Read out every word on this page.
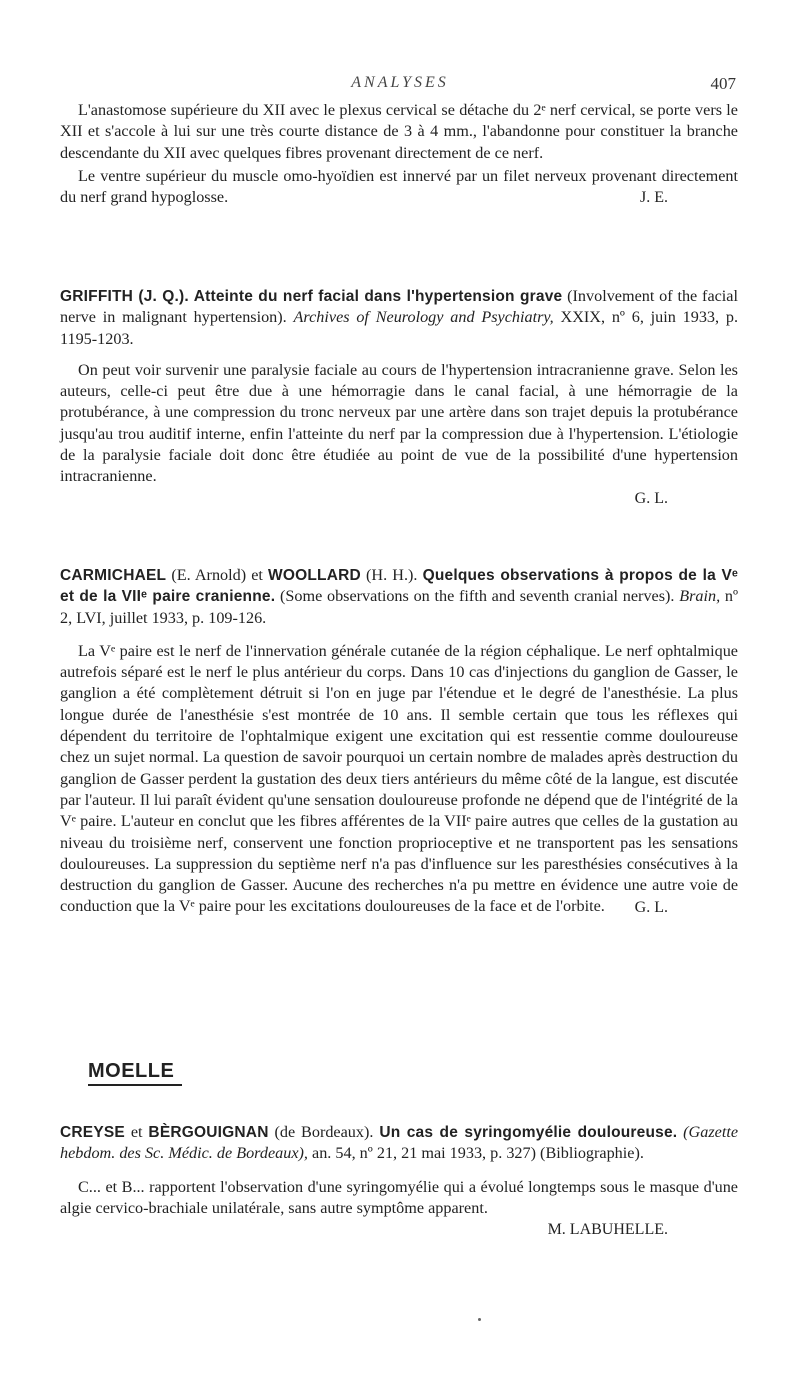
ANALYSES	407

L'anastomose supérieure du XII avec le plexus cervical se détache du 2ᵉ nerf cervical, se porte vers le XII et s'accole à lui sur une très courte distance de 3 à 4 mm., l'abandonne pour constituer la branche descendante du XII avec quelques fibres provenant directement de ce nerf.

Le ventre supérieur du muscle omo-hyoïdien est innervé par un filet nerveux provenant directement du nerf grand hypoglosse.	J. E.

GRIFFITH (J. Q.). Atteinte du nerf facial dans l'hypertension grave (Involvement of the facial nerve in malignant hypertension). Archives of Neurology and Psychiatry, XXIX, nº 6, juin 1933, p. 1195-1203.

On peut voir survenir une paralysie faciale au cours de l'hypertension intracranienne grave. Selon les auteurs, celle-ci peut être due à une hémorragie dans le canal facial, à une hémorragie de la protubérance, à une compression du tronc nerveux par une artère dans son trajet depuis la protubérance jusqu'au trou auditif interne, enfin l'atteinte du nerf par la compression due à l'hypertension. L'étiologie de la paralysie faciale doit donc être étudiée au point de vue de la possibilité d'une hypertension intracranienne.

G. L.

CARMICHAEL (E. Arnold) et WOOLLARD (H. H.). Quelques observations à propos de la Vᵉ et de la VIIᵉ paire cranienne. (Some observations on the fifth and seventh cranial nerves). Brain, nº 2, LVI, juillet 1933, p. 109-126.

La Vᵉ paire est le nerf de l'innervation générale cutanée de la région céphalique. Le nerf ophtalmique autrefois séparé est le nerf le plus antérieur du corps. Dans 10 cas d'injections du ganglion de Gasser, le ganglion a été complètement détruit si l'on en juge par l'étendue et le degré de l'anesthésie. La plus longue durée de l'anesthésie s'est montrée de 10 ans. Il semble certain que tous les réflexes qui dépendent du territoire de l'ophtalmique exigent une excitation qui est ressentie comme douloureuse chez un sujet normal. La question de savoir pourquoi un certain nombre de malades après destruction du ganglion de Gasser perdent la gustation des deux tiers antérieurs du même côté de la langue, est discutée par l'auteur. Il lui paraît évident qu'une sensation douloureuse profonde ne dépend que de l'intégrité de la Vᵉ paire. L'auteur en conclut que les fibres afférentes de la VIIᵉ paire autres que celles de la gustation au niveau du troisième nerf, conservent une fonction proprioceptive et ne transportent pas les sensations douloureuses. La suppression du septième nerf n'a pas d'influence sur les paresthésies consécutives à la destruction du ganglion de Gasser. Aucune des recherches n'a pu mettre en évidence une autre voie de conduction que la Vᵉ paire pour les excitations douloureuses de la face et de l'orbite.	G. L.
MOELLE

CREYSE et BÈRGOUIGNAN (de Bordeaux). Un cas de syringomyélie douloureuse. (Gazette hebdom. des Sc. Médic. de Bordeaux), an. 54, nº 21, 21 mai 1933, p. 327) (Bibliographie).

C... et B... rapportent l'observation d'une syringomyélie qui a évolué longtemps sous le masque d'une algie cervico-brachiale unilatérale, sans autre symptôme apparent.

M. LABUHELLE.
